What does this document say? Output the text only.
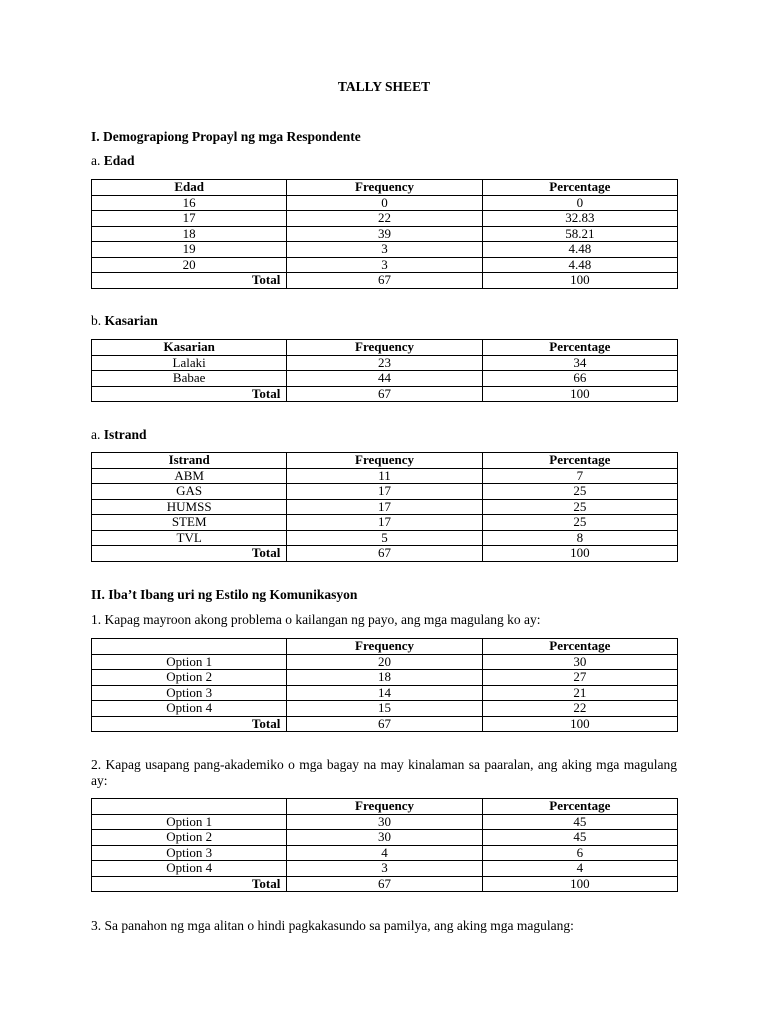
TALLY SHEET
I. Demograpiong Propayl ng mga Respondente
a. Edad
Edad	Frequency	Percentage
16	0	0
17	22	32.83
18	39	58.21
19	3	4.48
20	3	4.48
Total	67	100
b. Kasarian
Kasarian	Frequency	Percentage
Lalaki	23	34
Babae	44	66
Total	67	100
a. Istrand
Istrand	Frequency	Percentage
ABM	11	7
GAS	17	25
HUMSS	17	25
STEM	17	25
TVL	5	8
Total	67	100
II. Iba’t Ibang uri ng Estilo ng Komunikasyon
1. Kapag mayroon akong problema o kailangan ng payo, ang mga magulang ko ay:
	Frequency	Percentage
Option 1	20	30
Option 2	18	27
Option 3	14	21
Option 4	15	22
Total	67	100
2. Kapag usapang pang-akademiko o mga bagay na may kinalaman sa paaralan, ang aking mga magulang ay:
	Frequency	Percentage
Option 1	30	45
Option 2	30	45
Option 3	4	6
Option 4	3	4
Total	67	100
3. Sa panahon ng mga alitan o hindi pagkakasundo sa pamilya, ang aking mga magulang:
